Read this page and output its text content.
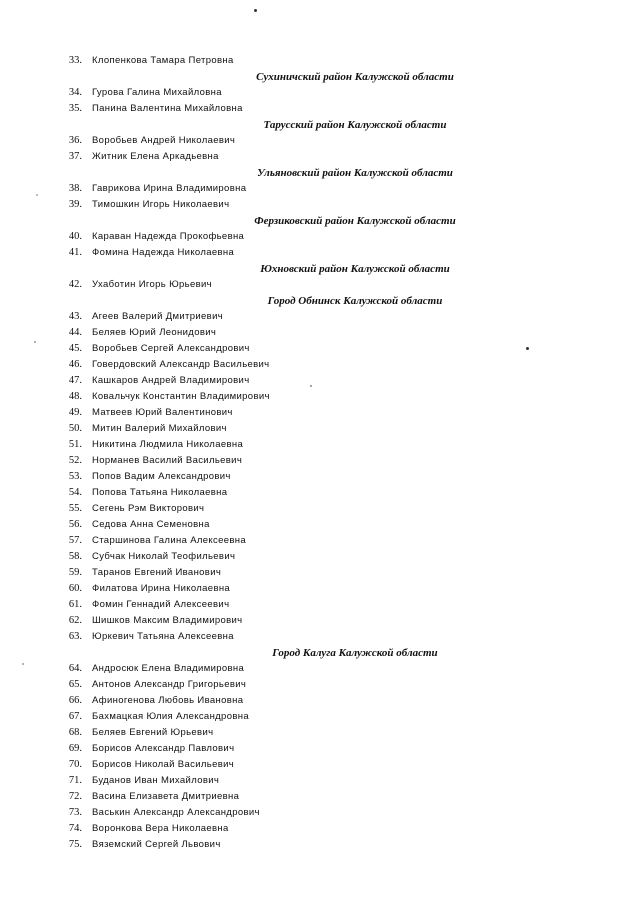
33. Клопенкова Тамара Петровна
Сухиничский район Калужской области
34. Гурова Галина Михайловна
35. Панина Валентина Михайловна
Тарусский район Калужской области
36. Воробьев Андрей Николаевич
37. Житник Елена Аркадьевна
Ульяновский район Калужской области
38. Гаврикова Ирина Владимировна
39. Тимошкин Игорь Николаевич
Ферзиковский район Калужской области
40. Караван Надежда Прокофьевна
41. Фомина Надежда Николаевна
Юхновский район Калужской области
42. Ухаботин Игорь Юрьевич
Город Обнинск Калужской области
43. Агеев Валерий Дмитриевич
44. Беляев Юрий Леонидович
45. Воробьев Сергей Александрович
46. Говердовский Александр Васильевич
47. Кашкаров Андрей Владимирович
48. Ковальчук Константин Владимирович
49. Матвеев Юрий Валентинович
50. Митин Валерий Михайлович
51. Никитина Людмила Николаевна
52. Норманев Василий Васильевич
53. Попов Вадим Александрович
54. Попова Татьяна Николаевна
55. Сегень Рэм Викторович
56. Седова Анна Семеновна
57. Старшинова Галина Алексеевна
58. Субчак Николай Теофильевич
59. Таранов Евгений Иванович
60. Филатова Ирина Николаевна
61. Фомин Геннадий Алексеевич
62. Шишков Максим Владимирович
63. Юркевич Татьяна Алексеевна
Город Калуга Калужской области
64. Андросюк Елена Владимировна
65. Антонов Александр Григорьевич
66. Афиногенова Любовь Ивановна
67. Бахмацкая Юлия Александровна
68. Беляев Евгений Юрьевич
69. Борисов Александр Павлович
70. Борисов Николай Васильевич
71. Буданов Иван Михайлович
72. Васина Елизавета Дмитриевна
73. Васькин Александр Александрович
74. Воронкова Вера Николаевна
75. Вяземский Сергей Львович
